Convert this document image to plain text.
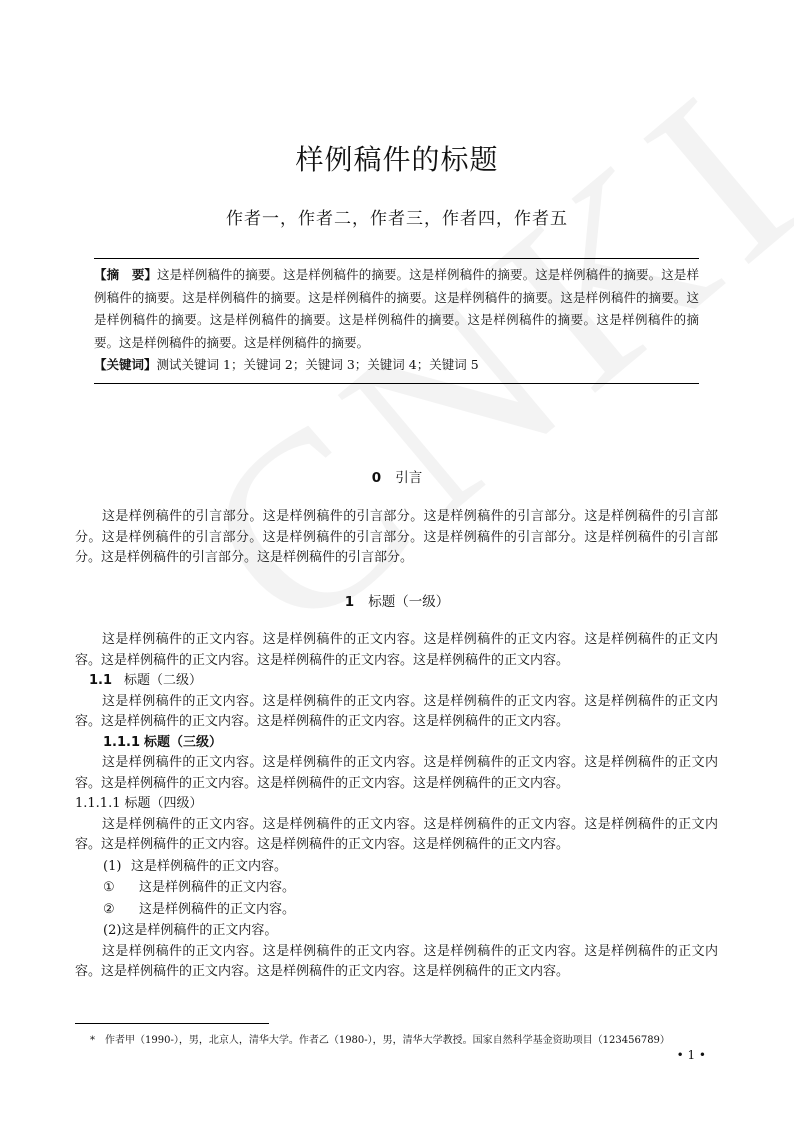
样例稿件的标题
作者一，作者二，作者三，作者四，作者五

【摘　要】这是样例稿件的摘要。这是样例稿件的摘要。这是样例稿件的摘要。这是样例稿件的摘要。这是样例稿件的摘要。这是样例稿件的摘要。这是样例稿件的摘要。这是样例稿件的摘要。这是样例稿件的摘要。这是样例稿件的摘要。这是样例稿件的摘要。这是样例稿件的摘要。这是样例稿件的摘要。这是样例稿件的摘要。这是样例稿件的摘要。这是样例稿件的摘要。

【关键词】测试关键词 1；关键词 2；关键词 3；关键词 4；关键词 5

0 引言

这是样例稿件的引言部分。这是样例稿件的引言部分。这是样例稿件的引言部分。这是样例稿件的引言部分。这是样例稿件的引言部分。这是样例稿件的引言部分。这是样例稿件的引言部分。这是样例稿件的引言部分。这是样例稿件的引言部分。这是样例稿件的引言部分。

1 标题（一级）

这是样例稿件的正文内容。这是样例稿件的正文内容。这是样例稿件的正文内容。这是样例稿件的正文内容。这是样例稿件的正文内容。这是样例稿件的正文内容。这是样例稿件的正文内容。

1.1 标题（二级）

这是样例稿件的正文内容。这是样例稿件的正文内容。这是样例稿件的正文内容。这是样例稿件的正文内容。这是样例稿件的正文内容。这是样例稿件的正文内容。这是样例稿件的正文内容。

1.1.1 标题（三级）

这是样例稿件的正文内容。这是样例稿件的正文内容。这是样例稿件的正文内容。这是样例稿件的正文内容。这是样例稿件的正文内容。这是样例稿件的正文内容。这是样例稿件的正文内容。

1.1.1.1 标题（四级）

这是样例稿件的正文内容。这是样例稿件的正文内容。这是样例稿件的正文内容。这是样例稿件的正文内容。这是样例稿件的正文内容。这是样例稿件的正文内容。这是样例稿件的正文内容。

(1) 这是样例稿件的正文内容。
① 这是样例稿件的正文内容。
② 这是样例稿件的正文内容。
(2)这是样例稿件的正文内容。

这是样例稿件的正文内容。这是样例稿件的正文内容。这是样例稿件的正文内容。这是样例稿件的正文内容。这是样例稿件的正文内容。这是样例稿件的正文内容。这是样例稿件的正文内容。

* 作者甲（1990-），男，北京人，清华大学。作者乙（1980-），男，清华大学教授。国家自然科学基金资助项目（123456789）
• 1 •
